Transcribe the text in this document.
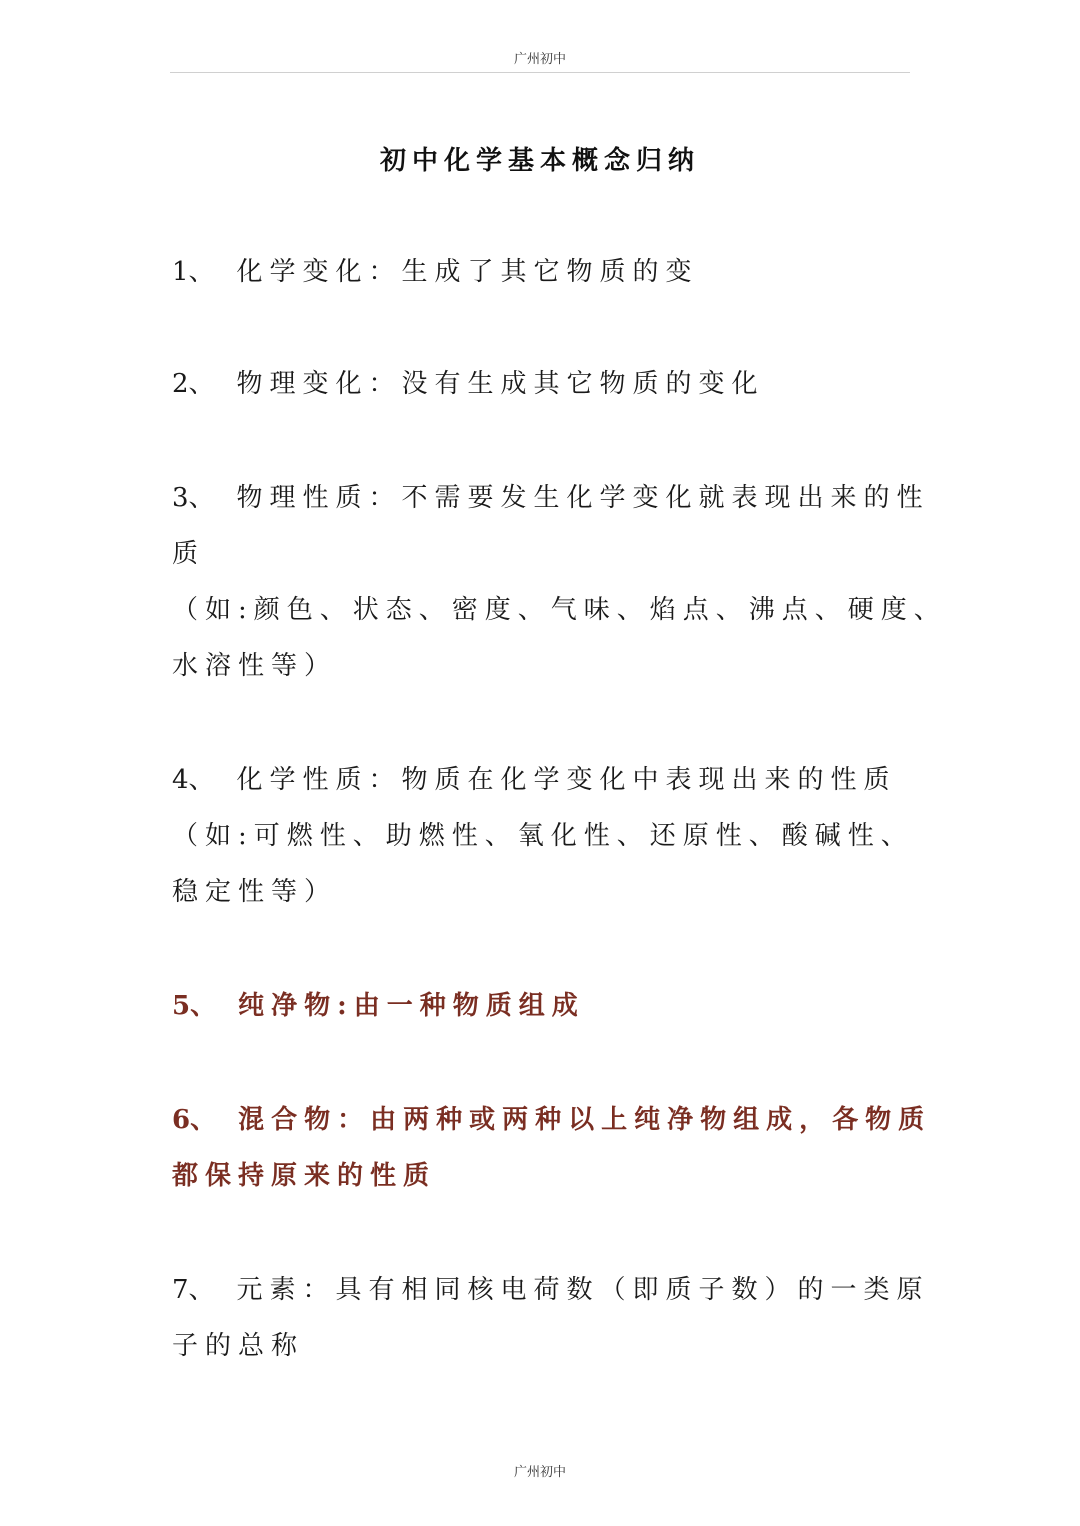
广州初中
初中化学基本概念归纳
1、 化学变化：生成了其它物质的变
2、 物理变化：没有生成其它物质的变化
3、 物理性质：不需要发生化学变化就表现出来的性
质
（如:颜色、状态、密度、气味、焰点、沸点、硬度、
水溶性等）
4、 化学性质：物质在化学变化中表现出来的性质
（如:可燃性、助燃性、氧化性、还原性、酸碱性、
稳定性等）
5、 纯净物:由一种物质组成
6、 混合物：由两种或两种以上纯净物组成，各物质
都保持原来的性质
7、 元素：具有相同核电荷数（即质子数）的一类原
子的总称
广州初中
